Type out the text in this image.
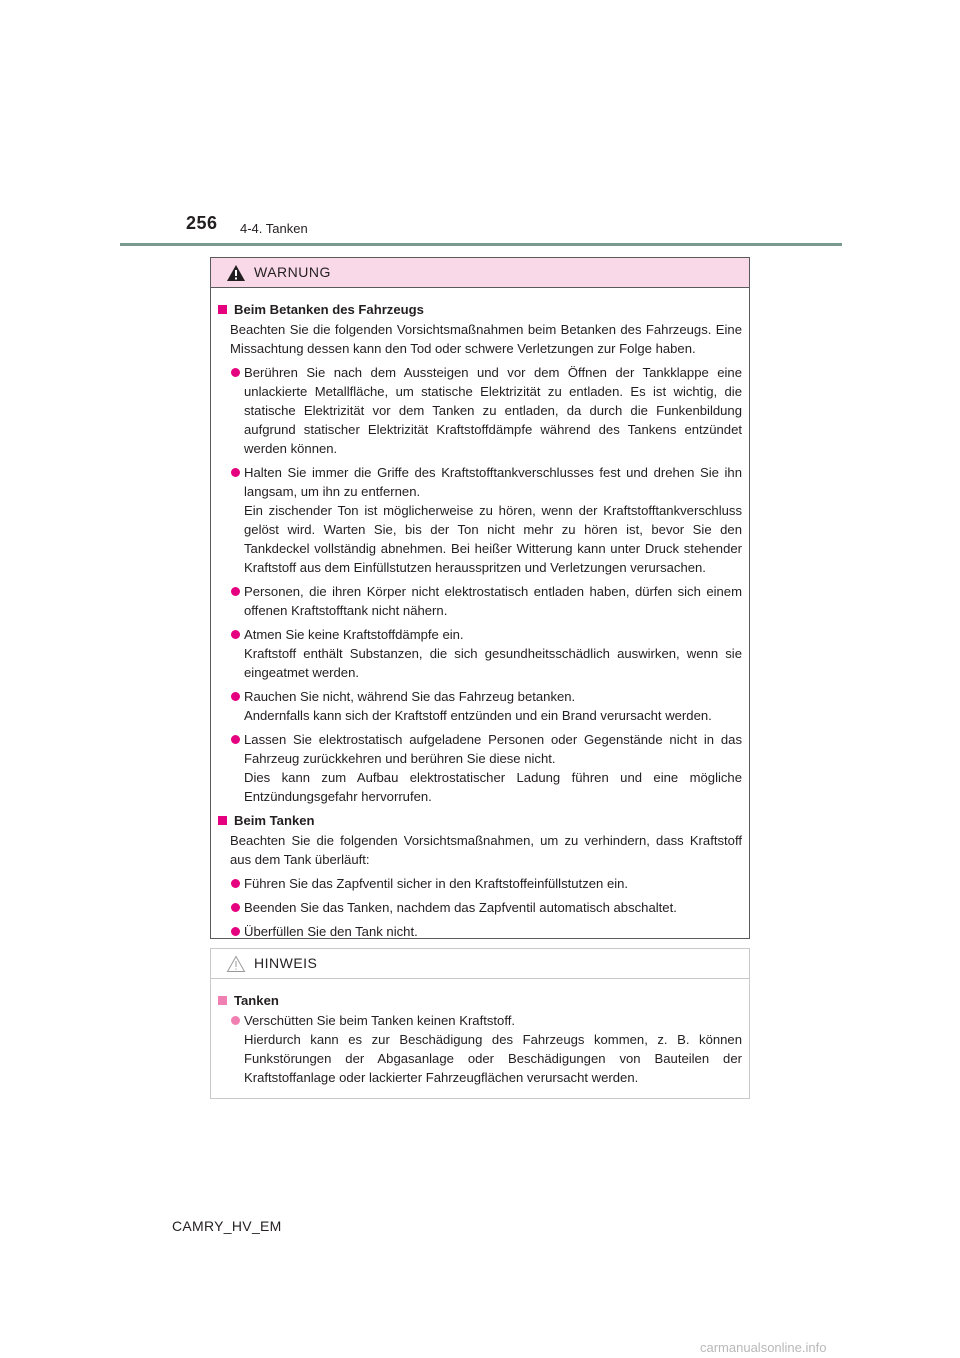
256 4-4. Tanken
WARNUNG
Beim Betanken des Fahrzeugs
Beachten Sie die folgenden Vorsichtsmaßnahmen beim Betanken des Fahrzeugs. Eine Missachtung dessen kann den Tod oder schwere Verletzungen zur Folge haben.
Berühren Sie nach dem Aussteigen und vor dem Öffnen der Tankklappe eine unlackierte Metallfläche, um statische Elektrizität zu entladen. Es ist wichtig, die statische Elektrizität vor dem Tanken zu entladen, da durch die Funkenbildung aufgrund statischer Elektrizität Kraftstoffdämpfe während des Tankens entzündet werden können.
Halten Sie immer die Griffe des Kraftstofftankverschlusses fest und drehen Sie ihn langsam, um ihn zu entfernen.
Ein zischender Ton ist möglicherweise zu hören, wenn der Kraftstofftankverschluss gelöst wird. Warten Sie, bis der Ton nicht mehr zu hören ist, bevor Sie den Tankdeckel vollständig abnehmen. Bei heißer Witterung kann unter Druck stehender Kraftstoff aus dem Einfüllstutzen herausspritzen und Verletzungen verursachen.
Personen, die ihren Körper nicht elektrostatisch entladen haben, dürfen sich einem offenen Kraftstofftank nicht nähern.
Atmen Sie keine Kraftstoffdämpfe ein.
Kraftstoff enthält Substanzen, die sich gesundheitsschädlich auswirken, wenn sie eingeatmet werden.
Rauchen Sie nicht, während Sie das Fahrzeug betanken.
Andernfalls kann sich der Kraftstoff entzünden und ein Brand verursacht werden.
Lassen Sie elektrostatisch aufgeladene Personen oder Gegenstände nicht in das Fahrzeug zurückkehren und berühren Sie diese nicht.
Dies kann zum Aufbau elektrostatischer Ladung führen und eine mögliche Entzündungsgefahr hervorrufen.
Beim Tanken
Beachten Sie die folgenden Vorsichtsmaßnahmen, um zu verhindern, dass Kraftstoff aus dem Tank überläuft:
Führen Sie das Zapfventil sicher in den Kraftstoffeinfüllstutzen ein.
Beenden Sie das Tanken, nachdem das Zapfventil automatisch abschaltet.
Überfüllen Sie den Tank nicht.
HINWEIS
Tanken
Verschütten Sie beim Tanken keinen Kraftstoff.
Hierdurch kann es zur Beschädigung des Fahrzeugs kommen, z. B. können Funkstörungen der Abgasanlage oder Beschädigungen von Bauteilen der Kraftstoffanlage oder lackierter Fahrzeugflächen verursacht werden.
CAMRY_HV_EM
carmanualsonline.info
